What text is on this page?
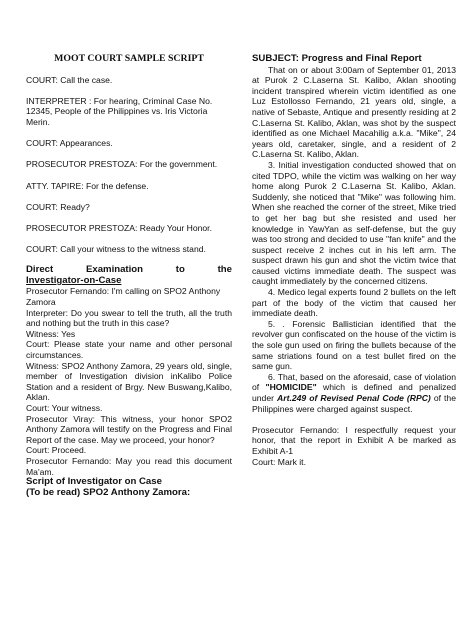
MOOT COURT SAMPLE SCRIPT

COURT: Call the case.

INTERPRETER : For hearing, Criminal Case No. 12345, People of the Philippines vs. Iris Victoria Merin.

COURT: Appearances.

PROSECUTOR PRESTOZA: For the government.

ATTY. TAPIRE: For the defense.

COURT: Ready?

PROSECUTOR PRESTOZA: Ready Your Honor.

COURT: Call your witness to the witness stand.

Direct Examination to the

Investigator-on-Case

Prosecutor Fernando: I'm calling on SPO2 Anthony Zamora

Interpreter: Do you swear to tell the truth, all the truth and nothing but the truth in this case?

Witness: Yes

Court: Please state your name and other personal circumstances.

Witness: SPO2 Anthony Zamora, 29 years old, single, member of Investigation division inKalibo Police Station and a resident of Brgy. New Buswang,Kalibo, Aklan.

Court: Your witness.

Prosecutor Viray: This witness, your honor SPO2 Anthony Zamora will testify on the Progress and Final Report of the case. May we proceed, your honor?

Court: Proceed.

Prosecutor Fernando: May you read this document Ma'am.

Script of Investigator on Case

(To be read) SPO2 Anthony Zamora:

SUBJECT: Progress and Final Report

That on or about 3:00am of September 01, 2013 at Purok 2 C.Laserna St. Kalibo, Aklan shooting incident transpired wherein victim identified as one Luz Estollosso Fernando, 21 years old, single, a native of Sebaste, Antique and presently residing at 2 C.Laserna St. Kalibo, Aklan, was shot by the suspect identified as one Michael Macahilig a.k.a. "Mike", 24 years old, caretaker, single, and a resident of 2 C.Laserna St. Kalibo, Aklan.

3. Initial investigation conducted showed that on cited TDPO, while the victim was walking on her way home along Purok 2 C.Laserna St. Kalibo, Aklan. Suddenly, she noticed that "Mike" was following him. When she reached the corner of the street, Mike tried to get her bag but she resisted and used her knowledge in YawYan as self-defense, but the guy was too strong and decided to use "fan knife" and the suspect receive 2 inches cut in his left arm. The suspect drawn his gun and shot the victim twice that caused victims immediate death. The suspect was caught immediately by the concerned citizens.

4. Medico legal experts found 2 bullets on the left part of the body of the victim that caused her immediate death.

5. . Forensic Ballistician identified that the revolver gun confiscated on the house of the victim is the sole gun used on firing the bullets because of the same striations found on a test bullet fired on the same gun.

6. That, based on the aforesaid, case of violation of "HOMICIDE" which is defined and penalized under Art.249 of Revised Penal Code (RPC) of the Philippines were charged against suspect.

Prosecutor Fernando: I respectfully request your honor, that the report in Exhibit A be marked as Exhibit A-1

Court: Mark it.
